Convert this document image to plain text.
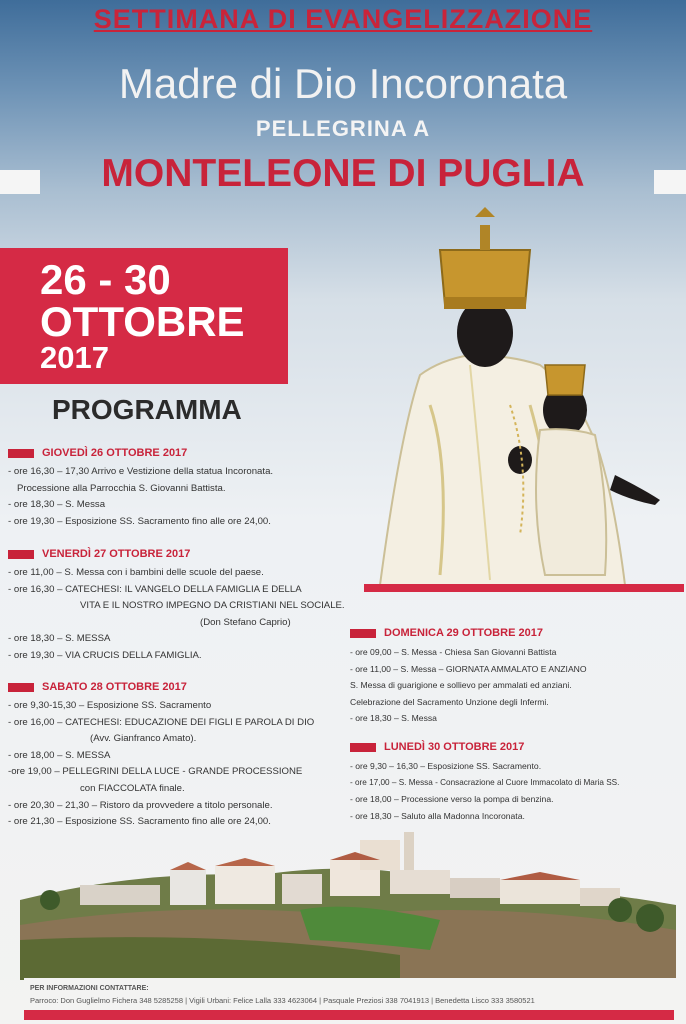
SETTIMANA DI EVANGELIZZAZIONE
Madre di Dio Incoronata
PELLEGRINA A
MONTELEONE DI PUGLIA
26 - 30
OTTOBRE
2017
PROGRAMMA
GIOVEDÌ 26 OTTOBRE 2017
- ore 16,30 – 17,30 Arrivo e Vestizione della statua Incoronata.
Processione alla Parrocchia S. Giovanni Battista.
- ore 18,30 – S. Messa
- ore 19,30 – Esposizione SS. Sacramento fino alle ore 24,00.
VENERDÌ 27 OTTOBRE 2017
- ore 11,00 – S. Messa con i bambini delle scuole del paese.
- ore 16,30 – CATECHESI: IL VANGELO DELLA FAMIGLIA E DELLA
VITA E IL NOSTRO IMPEGNO DA CRISTIANI NEL SOCIALE.
(Don Stefano Caprio)
- ore 18,30 – S. MESSA
- ore 19,30 – VIA CRUCIS DELLA FAMIGLIA.
SABATO 28 OTTOBRE 2017
- ore 9,30-15,30 – Esposizione SS. Sacramento
- ore 16,00 – CATECHESI: EDUCAZIONE DEI FIGLI E PAROLA DI DIO
(Avv. Gianfranco Amato).
- ore 18,00 – S. MESSA
-ore 19,00 – PELLEGRINI DELLA LUCE - GRANDE PROCESSIONE
con FIACCOLATA finale.
- ore 20,30 – 21,30 – Ristoro da provvedere a titolo personale.
- ore 21,30 – Esposizione SS. Sacramento fino alle ore 24,00.
DOMENICA 29 OTTOBRE 2017
- ore 09,00 – S. Messa - Chiesa San Giovanni Battista
- ore 11,00 – S. Messa – GIORNATA AMMALATO E ANZIANO
S. Messa di guarigione e sollievo per ammalati ed anziani.
Celebrazione del Sacramento Unzione degli Infermi.
- ore 18,30 – S. Messa
LUNEDÌ 30 OTTOBRE 2017
- ore 9,30 – 16,30 – Esposizione SS. Sacramento.
- ore 17,00 – S. Messa - Consacrazione al Cuore Immacolato di Maria SS.
- ore 18,00 – Processione verso la pompa di benzina.
- ore 18,30 – Saluto alla Madonna Incoronata.
PER INFORMAZIONI CONTATTARE:
Parroco: Don Guglielmo Fichera 348 5285258 | Vigili Urbani: Felice Lalla 333 4623064 | Pasquale Preziosi 338 7041913 | Benedetta Lisco 333 3580521
